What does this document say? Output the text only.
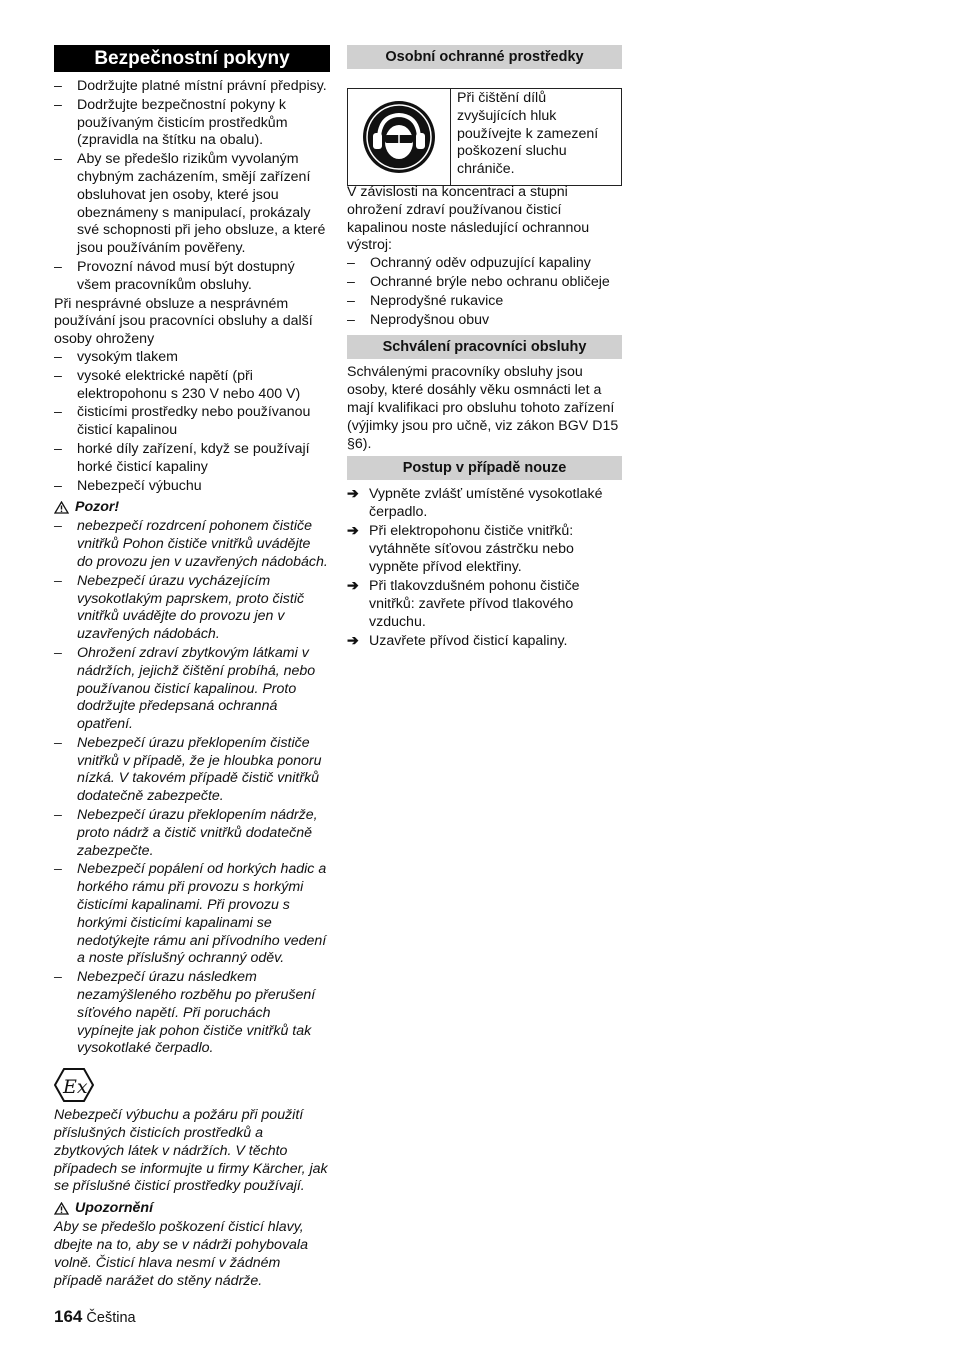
Bezpečnostní pokyny
– Dodržujte platné místní právní předpisy.
– Dodržujte bezpečnostní pokyny k používaným čisticím prostředkům (zpravidla na štítku na obalu).
– Aby se předešlo rizikům vyvolaným chybným zacházením, smějí zařízení obsluhovat jen osoby, které jsou obeznámeny s manipulací, prokázaly své schopnosti při jeho obsluze, a které jsou používáním pověřeny.
– Provozní návod musí být dostupný všem pracovníkům obsluhy.

Při nesprávné obsluze a nesprávném používání jsou pracovníci obsluhy a další osoby ohroženy

– vysokým tlakem
– vysoké elektrické napětí (při elektropohonu s 230 V nebo 400 V)
– čisticími prostředky nebo používanou čisticí kapalinou
– horké díly zařízení, když se používají horké čisticí kapaliny
– Nebezpečí výbuchu
Pozor!
– nebezpečí rozdrcení pohonem čističe vnitřků Pohon čističe vnitřků uvádějte do provozu jen v uzavřených nádobách.
– Nebezpečí úrazu vycházejícím vysokotlakým paprskem, proto čistič vnitřků uvádějte do provozu jen v uzavřených nádobách.
– Ohrožení zdraví zbytkovým látkami v nádržích, jejichž čištění probíhá, nebo používanou čisticí kapalinou. Proto dodržujte předepsaná ochranná opatření.
– Nebezpečí úrazu překlopením čističe vnitřků v případě, že je hloubka ponoru nízká. V takovém případě čistič vnitřků dodatečně zabezpečte.
– Nebezpečí úrazu překlopením nádrže, proto nádrž a čistič vnitřků dodatečně zabezpečte.
– Nebezpečí popálení od horkých hadic a horkého rámu při provozu s horkými čisticími kapalinami. Při provozu s horkými čisticími kapalinami se nedotýkejte rámu ani přívodního vedení a noste příslušný ochranný oděv.
– Nebezpečí úrazu následkem nezamýšleného rozběhu po přerušení síťového napětí. Při poruchách vypínejte jak pohon čističe vnitřků tak vysokotlaké čerpadlo.
Ex

Nebezpečí výbuchu a požáru při použití příslušných čisticích prostředků a zbytkových látek v nádržích. V těchto případech se informujte u firmy Kärcher, jak se příslušné čisticí prostředky používají.

Upozornění

Aby se předešlo poškození čisticí hlavy, dbejte na to, aby se v nádrži pohybovala volně. Čisticí hlava nesmí v žádném případě narážet do stěny nádrže.

Osobní ochranné prostředky
Při čištění dílů zvyšujících hluk používejte k zamezení poškození sluchu chrániče.

V závislosti na koncentraci a stupni ohrožení zdraví používanou čisticí kapalinou noste následující ochrannou výstroj:

– Ochranný oděv odpuzující kapaliny
– Ochranné brýle nebo ochranu obličeje
– Neprodyšné rukavice
– Neprodyšnou obuv
Schválení pracovníci obsluhy

Schválenými pracovníky obsluhy jsou osoby, které dosáhly věku osmnácti let a mají kvalifikaci pro obsluhu tohoto zařízení (výjimky jsou pro učně, viz zákon BGV D15 §6).

Postup v případě nouze
➔ Vypněte zvlášť umístěné vysokotlaké čerpadlo.
➔ Při elektropohonu čističe vnitřků: vytáhněte síťovou zástrčku nebo vypněte přívod elektřiny.
➔ Při tlakovzdušném pohonu čističe vnitřků: zavřete přívod tlakového vzduchu.
➔ Uzavřete přívod čisticí kapaliny.
164 Čeština
